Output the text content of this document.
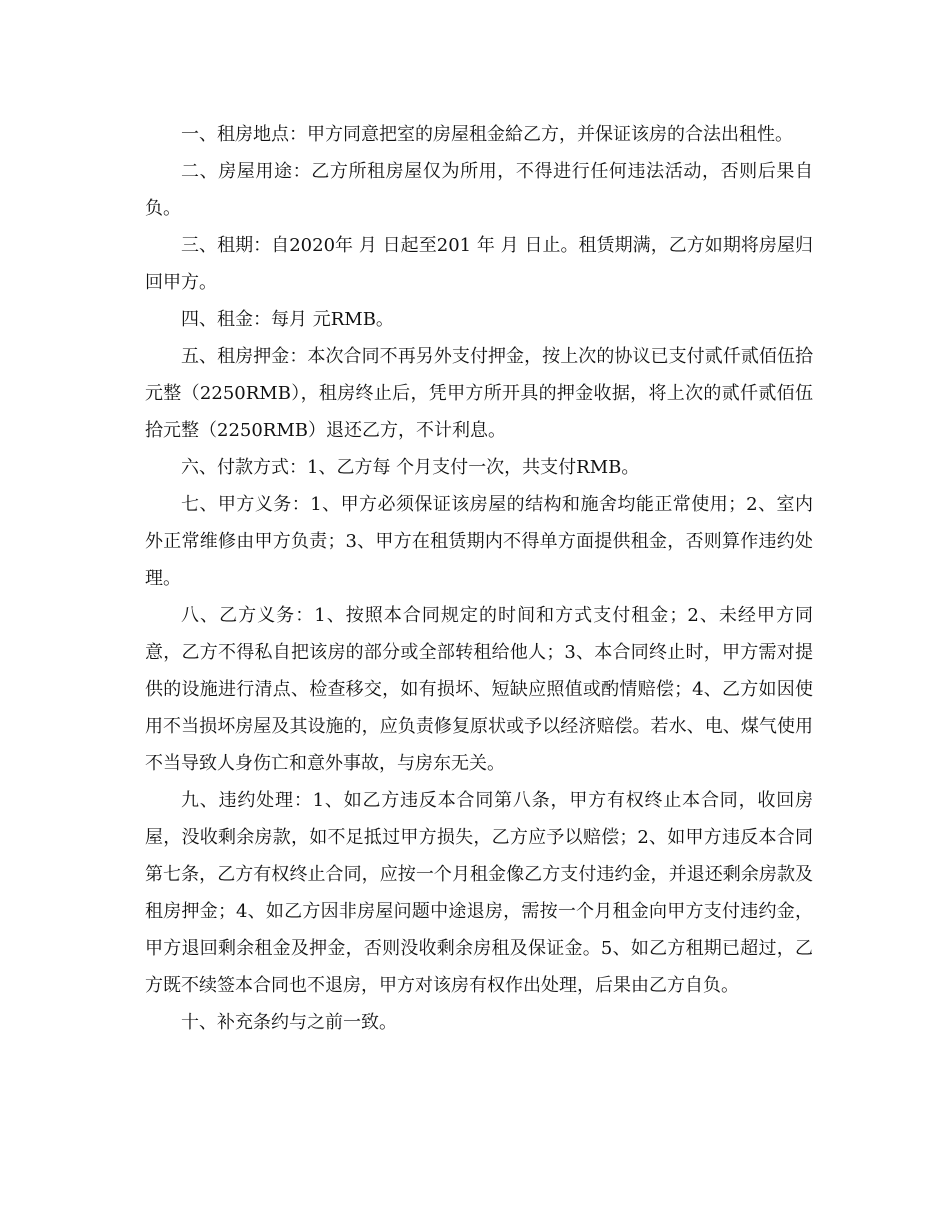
一、租房地点：甲方同意把室的房屋租金給乙方，并保证该房的合法出租性。

二、房屋用途：乙方所租房屋仅为所用，不得进行任何违法活动，否则后果自负。

三、租期：自2020年 月 日起至201 年 月 日止。租赁期满，乙方如期将房屋归回甲方。

四、租金：每月 元RMB。

五、租房押金：本次合同不再另外支付押金，按上次的协议已支付贰仟贰佰伍拾元整（2250RMB），租房终止后，凭甲方所开具的押金收据，将上次的贰仟贰佰伍拾元整（2250RMB）退还乙方，不计利息。

六、付款方式：1、乙方每 个月支付一次，共支付RMB。

七、甲方义务：1、甲方必须保证该房屋的结构和施舍均能正常使用；2、室内外正常维修由甲方负责；3、甲方在租赁期内不得单方面提供租金，否则算作违约处理。

八、乙方义务：1、按照本合同规定的时间和方式支付租金；2、未经甲方同意，乙方不得私自把该房的部分或全部转租给他人；3、本合同终止时，甲方需对提供的设施进行清点、检查移交，如有损坏、短缺应照值或酌情赔偿；4、乙方如因使用不当损坏房屋及其设施的，应负责修复原状或予以经济赔偿。若水、电、煤气使用不当导致人身伤亡和意外事故，与房东无关。

九、违约处理：1、如乙方违反本合同第八条，甲方有权终止本合同，收回房屋，没收剩余房款，如不足抵过甲方损失，乙方应予以赔偿；2、如甲方违反本合同第七条，乙方有权终止合同，应按一个月租金像乙方支付违约金，并退还剩余房款及租房押金；4、如乙方因非房屋问题中途退房，需按一个月租金向甲方支付违约金，甲方退回剩余租金及押金，否则没收剩余房租及保证金。5、如乙方租期已超过，乙方既不续签本合同也不退房，甲方对该房有权作出处理，后果由乙方自负。

十、补充条约与之前一致。
